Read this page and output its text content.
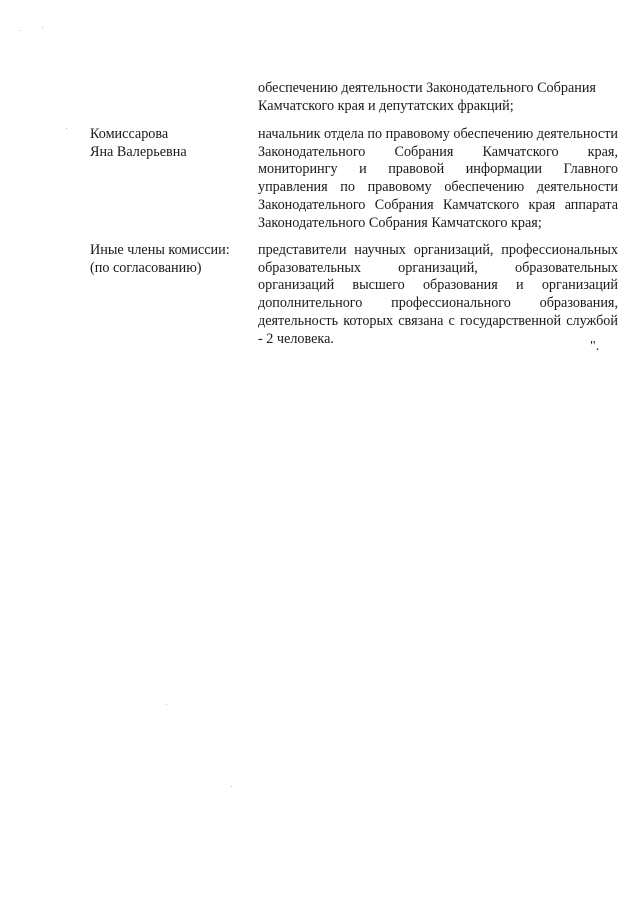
обеспечению деятельности Законодательного Собрания
Камчатского края и депутатских фракций;
Комиссарова
Яна Валерьевна
начальник отдела по правовому обеспечению деятельности Законодательного Собрания Камчатского края, мониторингу и правовой информации Главного управления по правовому обеспечению деятельности Законодательного Собрания Камчатского края аппарата Законодательного Собрания Камчатского края;
Иные члены комиссии:
(по согласованию)
представители научных организаций, профессиональных образовательных организаций, образовательных организаций высшего образования и организаций дополнительного профессионального образования, деятельность которых связана с государственной службой - 2 человека.	".
